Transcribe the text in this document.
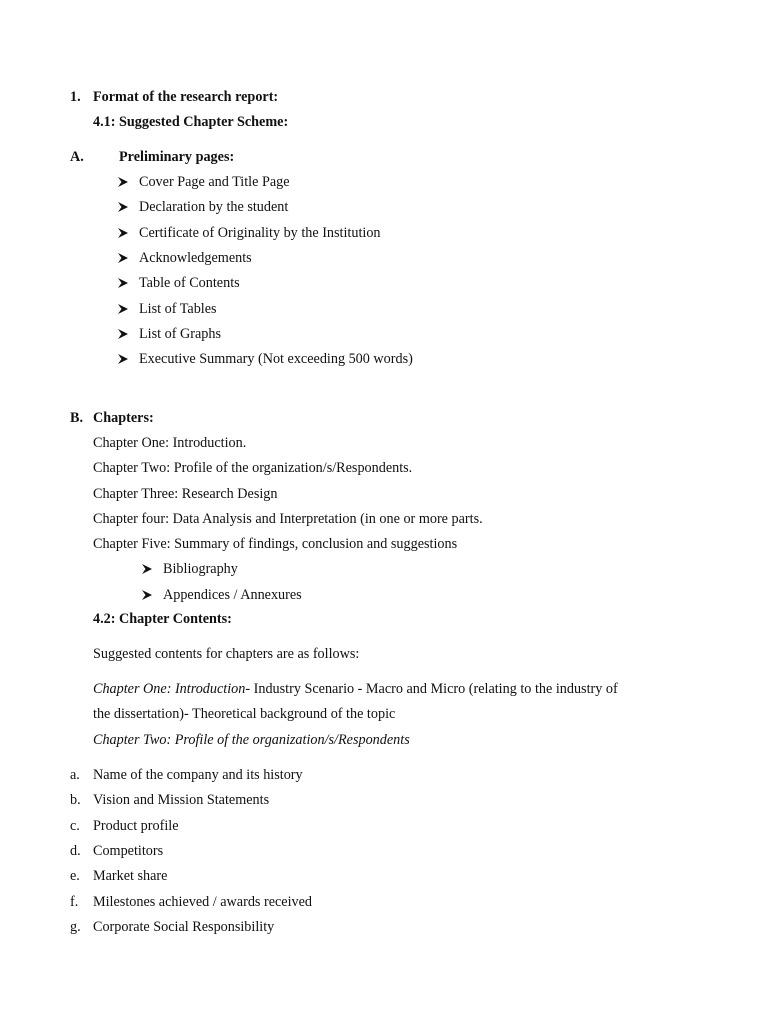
1. Format of the research report:
4.1: Suggested Chapter Scheme:
A. Preliminary pages:
Cover Page and Title Page
Declaration by the student
Certificate of Originality by the Institution
Acknowledgements
Table of Contents
List of Tables
List of Graphs
Executive Summary (Not exceeding 500 words)
B. Chapters:
Chapter One: Introduction.
Chapter Two: Profile of the organization/s/Respondents.
Chapter Three: Research Design
Chapter four: Data Analysis and Interpretation (in one or more parts.
Chapter Five: Summary of findings, conclusion and suggestions
Bibliography
Appendices / Annexures
4.2: Chapter Contents:
Suggested contents for chapters are as follows:
Chapter One: Introduction- Industry Scenario - Macro and Micro (relating to the industry of
the dissertation)- Theoretical background of the topic
Chapter Two: Profile of the organization/s/Respondents
a. Name of the company and its history
b. Vision and Mission Statements
c. Product profile
d. Competitors
e. Market share
f. Milestones achieved / awards received
g. Corporate Social Responsibility
